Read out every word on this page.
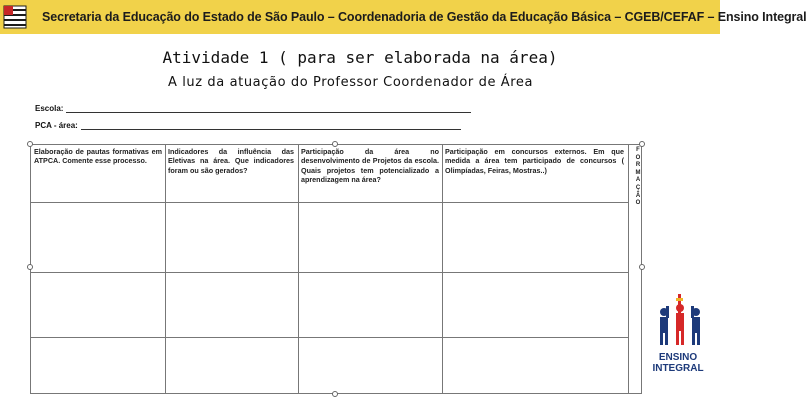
Secretaria da Educação do Estado de São Paulo – Coordenadoria de Gestão da Educação Básica – CGEB/CEFAF – Ensino Integral
Atividade 1 ( para ser elaborada na área)
A luz da atuação do Professor Coordenador de Área
Escola:
PCA - área:
Elaboração de pautas formativas em ATPCA. Comente esse processo.
Indicadores da influência das Eletivas na área. Que indicadores foram ou são gerados?
Participação da área no desenvolvimento de Projetos da escola. Quais projetos tem potencializado a aprendizagem na área?
Participação em concursos externos. Em que medida a área tem participado de concursos ( Olimpíadas, Feiras, Mostras..)
F
O
R
M
A
Ç
Ã
O
ENSINO
INTEGRAL
